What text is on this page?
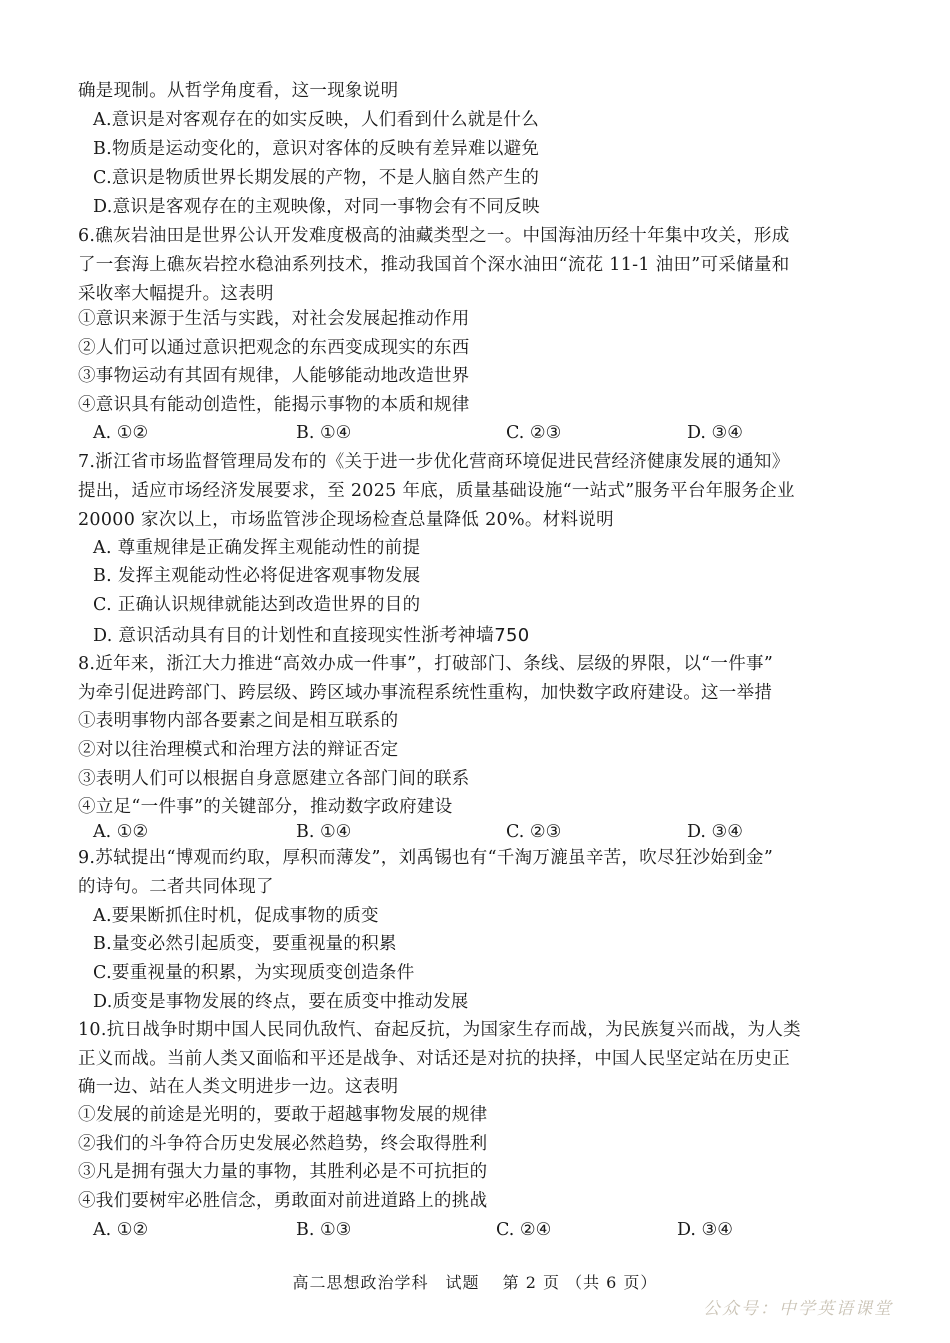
确是现制。从哲学角度看，这一现象说明
A.意识是对客观存在的如实反映，人们看到什么就是什么
B.物质是运动变化的，意识对客体的反映有差异难以避免
C.意识是物质世界长期发展的产物，不是人脑自然产生的
D.意识是客观存在的主观映像，对同一事物会有不同反映
6.礁灰岩油田是世界公认开发难度极高的油藏类型之一。中国海油历经十年集中攻关，形成
了一套海上礁灰岩控水稳油系列技术，推动我国首个深水油田“流花 11-1 油田”可采储量和
采收率大幅提升。这表明
①意识来源于生活与实践，对社会发展起推动作用
②人们可以通过意识把观念的东西变成现实的东西
③事物运动有其固有规律，人能够能动地改造世界
④意识具有能动创造性，能揭示事物的本质和规律
A. ①②	B. ①④	C. ②③	D. ③④
7.浙江省市场监督管理局发布的《关于进一步优化营商环境促进民营经济健康发展的通知》
提出，适应市场经济发展要求，至 2025 年底，质量基础设施“一站式”服务平台年服务企业
20000 家次以上，市场监管涉企现场检查总量降低 20%。材料说明
A. 尊重规律是正确发挥主观能动性的前提
B. 发挥主观能动性必将促进客观事物发展
C. 正确认识规律就能达到改造世界的目的
D. 意识活动具有目的计划性和直接现实性浙考神墙750
8.近年来，浙江大力推进“高效办成一件事”，打破部门、条线、层级的界限，以“一件事”
为牵引促进跨部门、跨层级、跨区域办事流程系统性重构，加快数字政府建设。这一举措
①表明事物内部各要素之间是相互联系的
②对以往治理模式和治理方法的辩证否定
③表明人们可以根据自身意愿建立各部门间的联系
④立足“一件事”的关键部分，推动数字政府建设
A. ①②	B. ①④	C. ②③	D. ③④
9.苏轼提出“博观而约取，厚积而薄发”，刘禹锡也有“千淘万漉虽辛苦，吹尽狂沙始到金”
的诗句。二者共同体现了
A.要果断抓住时机，促成事物的质变
B.量变必然引起质变，要重视量的积累
C.要重视量的积累，为实现质变创造条件
D.质变是事物发展的终点，要在质变中推动发展
10.抗日战争时期中国人民同仇敌忾、奋起反抗，为国家生存而战，为民族复兴而战，为人类
正义而战。当前人类又面临和平还是战争、对话还是对抗的抉择，中国人民坚定站在历史正
确一边、站在人类文明进步一边。这表明
①发展的前途是光明的，要敢于超越事物发展的规律
②我们的斗争符合历史发展必然趋势，终会取得胜利
③凡是拥有强大力量的事物，其胜利必是不可抗拒的
④我们要树牢必胜信念，勇敢面对前进道路上的挑战
A. ①②	B. ①③	C. ②④	D. ③④
高二思想政治学科　试题　 第 2 页 （共 6 页）
公众号：中学英语课堂
